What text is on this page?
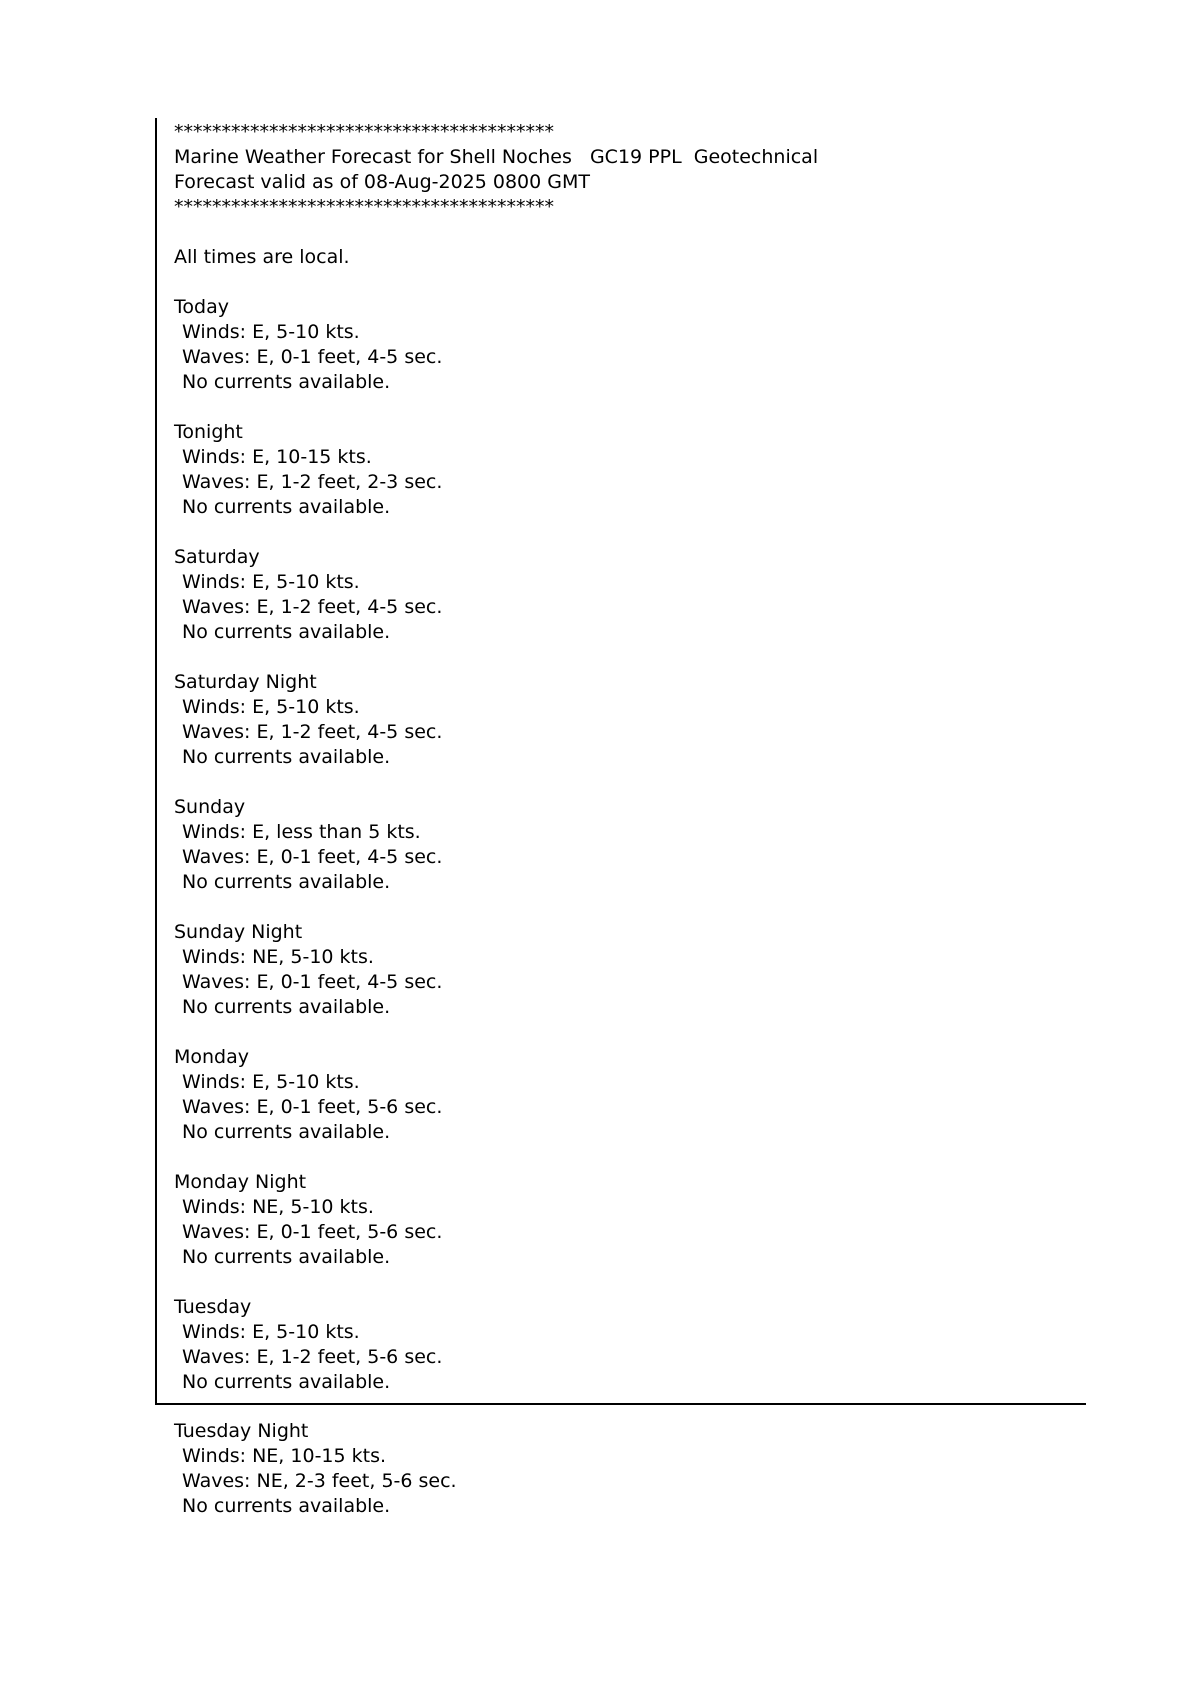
****************************************
Marine Weather Forecast for Shell Noches   GC19 PPL  Geotechnical
Forecast valid as of 08-Aug-2025 0800 GMT
****************************************
All times are local.
Today
Winds: E, 5-10 kts.
Waves: E, 0-1 feet, 4-5 sec.
No currents available.
Tonight
Winds: E, 10-15 kts.
Waves: E, 1-2 feet, 2-3 sec.
No currents available.
Saturday
Winds: E, 5-10 kts.
Waves: E, 1-2 feet, 4-5 sec.
No currents available.
Saturday Night
Winds: E, 5-10 kts.
Waves: E, 1-2 feet, 4-5 sec.
No currents available.
Sunday
Winds: E, less than 5 kts.
Waves: E, 0-1 feet, 4-5 sec.
No currents available.
Sunday Night
Winds: NE, 5-10 kts.
Waves: E, 0-1 feet, 4-5 sec.
No currents available.
Monday
Winds: E, 5-10 kts.
Waves: E, 0-1 feet, 5-6 sec.
No currents available.
Monday Night
Winds: NE, 5-10 kts.
Waves: E, 0-1 feet, 5-6 sec.
No currents available.
Tuesday
Winds: E, 5-10 kts.
Waves: E, 1-2 feet, 5-6 sec.
No currents available.
Tuesday Night
Winds: NE, 10-15 kts.
Waves: NE, 2-3 feet, 5-6 sec.
No currents available.
